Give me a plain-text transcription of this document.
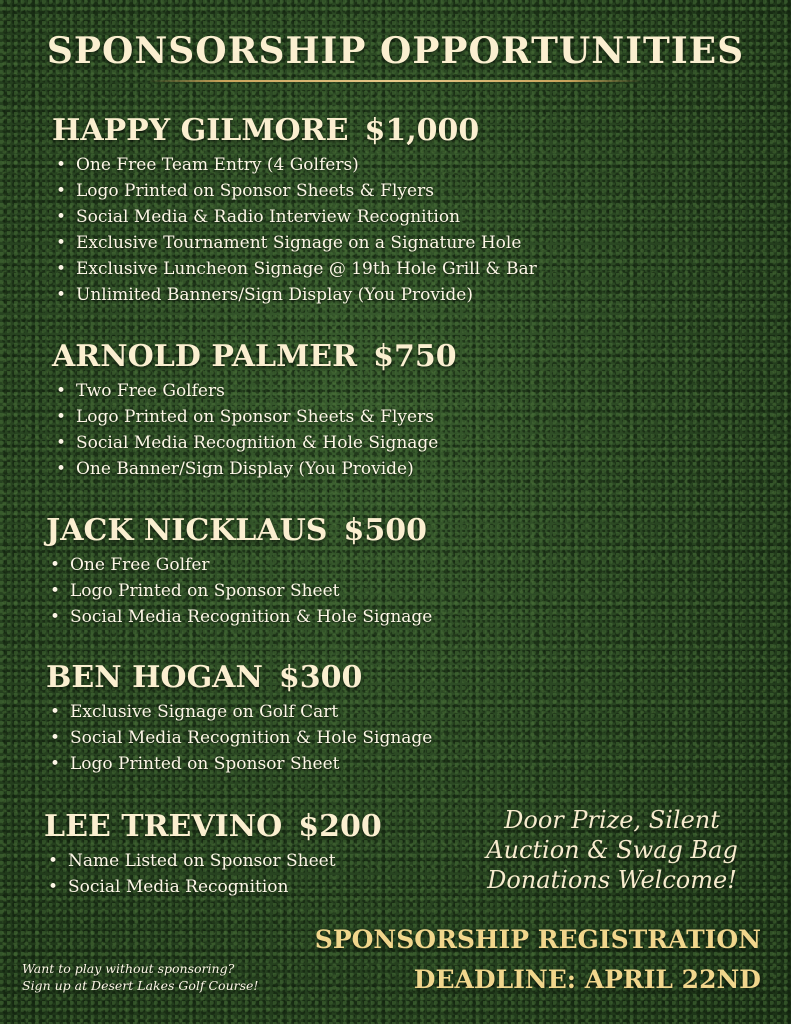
SPONSORSHIP OPPORTUNITIES
HAPPY GILMORE $1,000
• One Free Team Entry (4 Golfers)
• Logo Printed on Sponsor Sheets & Flyers
• Social Media & Radio Interview Recognition
• Exclusive Tournament Signage on a Signature Hole
• Exclusive Luncheon Signage @ 19th Hole Grill & Bar
• Unlimited Banners/Sign Display (You Provide)
ARNOLD PALMER $750
• Two Free Golfers
• Logo Printed on Sponsor Sheets & Flyers
• Social Media Recognition & Hole Signage
• One Banner/Sign Display (You Provide)
JACK NICKLAUS $500
• One Free Golfer
• Logo Printed on Sponsor Sheet
• Social Media Recognition & Hole Signage
BEN HOGAN $300
• Exclusive Signage on Golf Cart
• Social Media Recognition & Hole Signage
• Logo Printed on Sponsor Sheet
LEE TREVINO $200
• Name Listed on Sponsor Sheet
• Social Media Recognition
Door Prize, Silent
Auction & Swag Bag
Donations Welcome!
SPONSORSHIP REGISTRATION
DEADLINE: APRIL 22ND
Want to play without sponsoring?
Sign up at Desert Lakes Golf Course!
